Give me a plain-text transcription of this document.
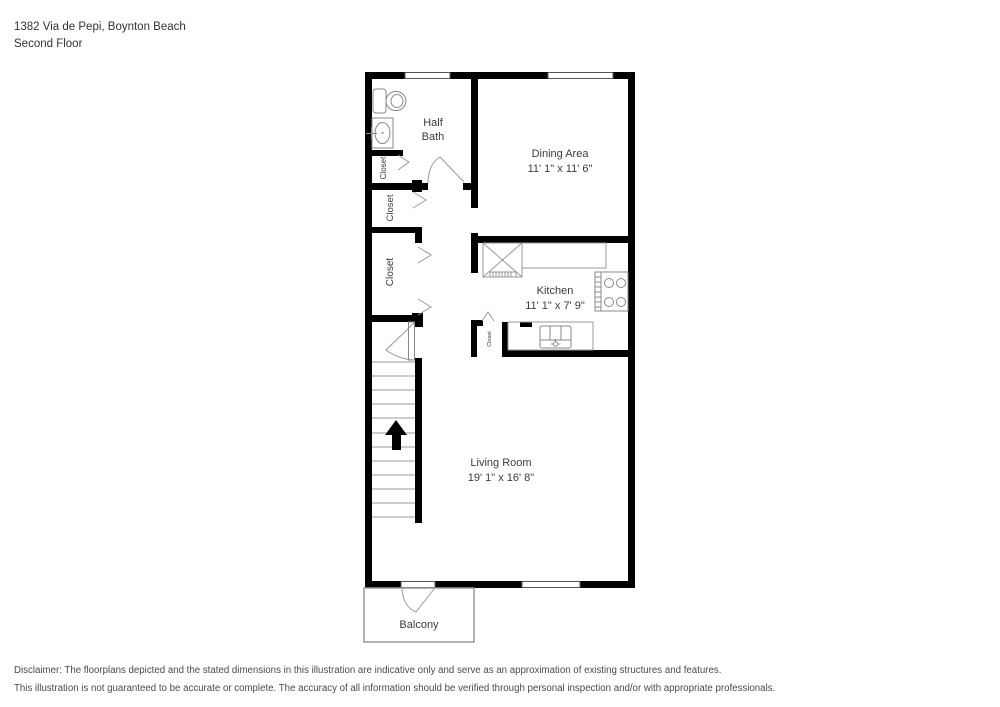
1382 Via de Pepi, Boynton Beach
Second Floor
Half
Bath
Dining Area
11' 1" x 11' 6"
Kitchen
11' 1" x 7' 9"
Living Room
19' 1" x 16' 8"
Balcony
Closet
Closet
Closet
Closet
Disclaimer: The floorplans depicted and the stated dimensions in this illustration are indicative only and serve as an approximation of existing structures and features.
This illustration is not guaranteed to be accurate or complete. The accuracy of all information should be verified through personal inspection and/or with appropriate professionals.
